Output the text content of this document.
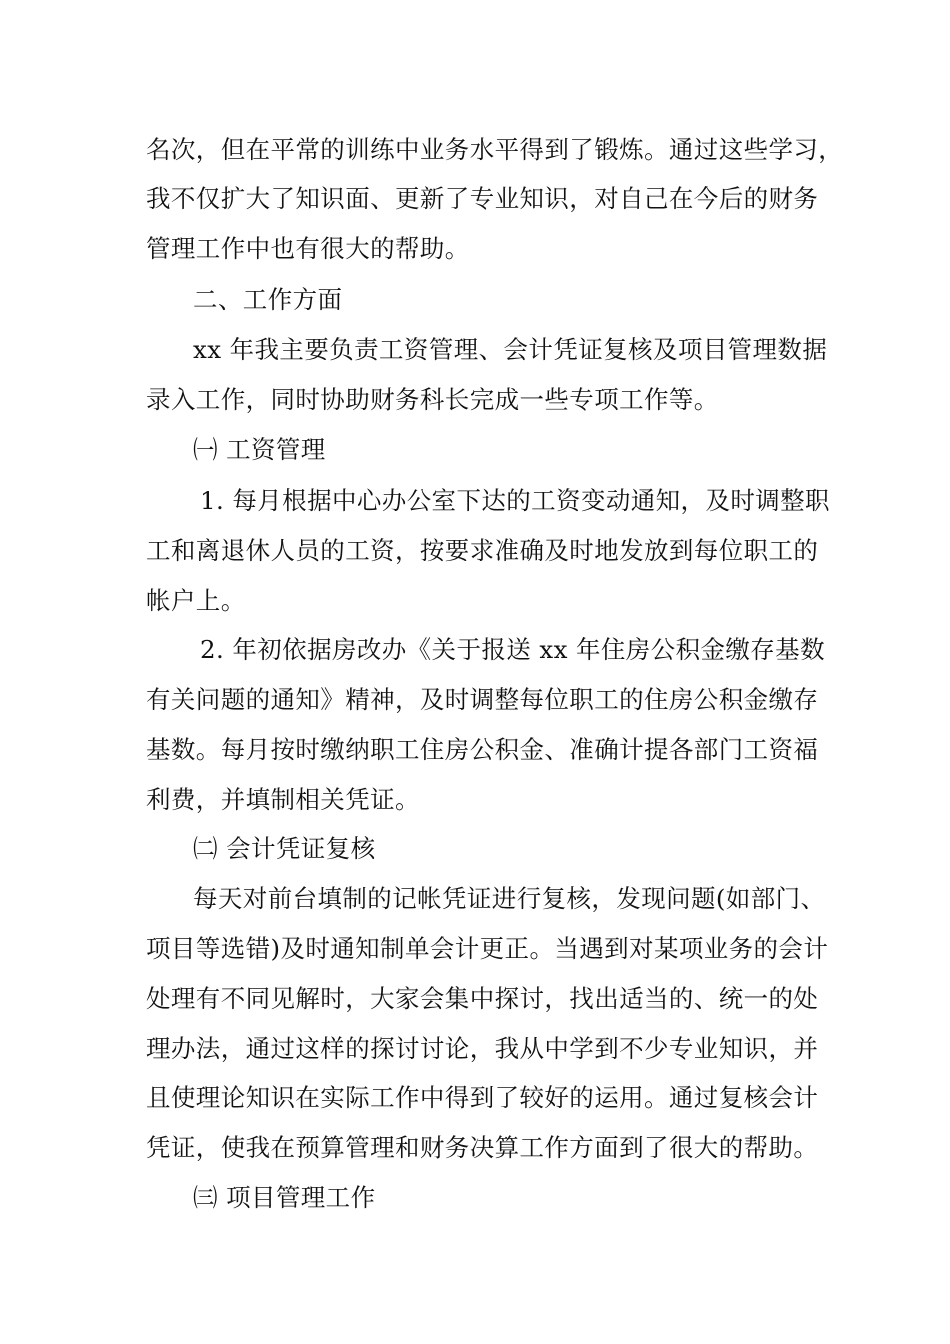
名次，但在平常的训练中业务水平得到了锻炼。通过这些学习，
我不仅扩大了知识面、更新了专业知识，对自己在今后的财务
管理工作中也有很大的帮助。
二、工作方面
xx 年我主要负责工资管理、会计凭证复核及项目管理数据
录入工作，同时协助财务科长完成一些专项工作等。
㈠ 工资管理
1. 每月根据中心办公室下达的工资变动通知，及时调整职
工和离退休人员的工资，按要求准确及时地发放到每位职工的
帐户上。
2. 年初依据房改办《关于报送 xx 年住房公积金缴存基数
有关问题的通知》精神，及时调整每位职工的住房公积金缴存
基数。每月按时缴纳职工住房公积金、准确计提各部门工资福
利费，并填制相关凭证。
㈡ 会计凭证复核
每天对前台填制的记帐凭证进行复核，发现问题(如部门、
项目等选错)及时通知制单会计更正。当遇到对某项业务的会计
处理有不同见解时，大家会集中探讨，找出适当的、统一的处
理办法，通过这样的探讨讨论，我从中学到不少专业知识，并
且使理论知识在实际工作中得到了较好的运用。通过复核会计
凭证，使我在预算管理和财务决算工作方面到了很大的帮助。
㈢ 项目管理工作
